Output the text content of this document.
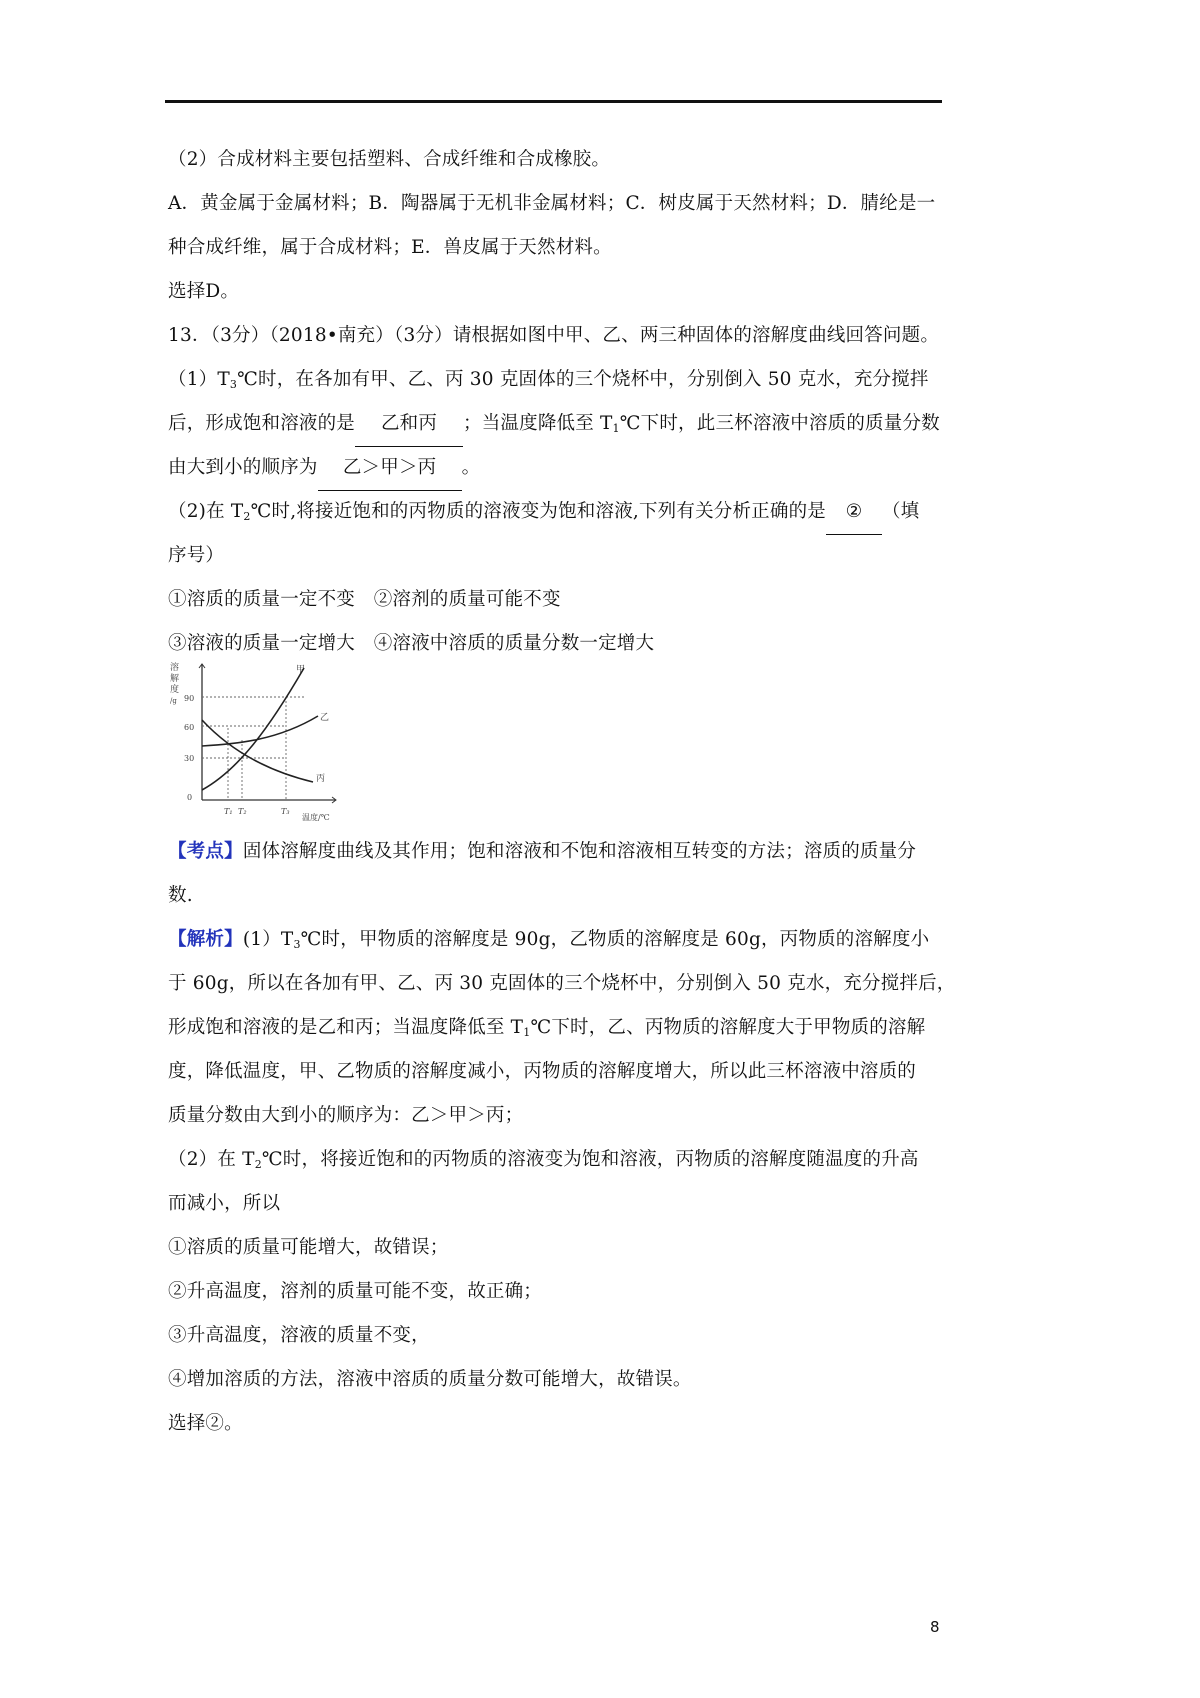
（2）合成材料主要包括塑料、合成纤维和合成橡胶。
A．黄金属于金属材料；B．陶器属于无机非金属材料；C．树皮属于天然材料；D．腈纶是一
种合成纤维，属于合成材料；E．兽皮属于天然材料。
选择D。
13．（3分）（2018•南充）（3分）请根据如图中甲、乙、两三种固体的溶解度曲线回答问题。
$(1)T_3℃$时，在各加有甲、乙、丙 30 克固体的三个烧杯中，分别倒入 50 克水，充分搅拌
后，形成饱和溶液的是 乙和丙 ；当温度降低至 $T_1℃$下时，此三杯溶液中溶质的质量分数
由大到小的顺序为 乙＞甲＞丙 。
（2)在 $T_2℃$时,将接近饱和的丙物质的溶液变为饱和溶液,下列有关分析正确的是 ② （填
序号）
①溶质的质量一定不变　②溶剂的质量可能不变
③溶液的质量一定增大　④溶液中溶质的质量分数一定增大
溶
解
度
/g 90
60
30
0
T₁ T₂	T₃
温度/℃
甲
乙
丙
【考点】固体溶解度曲线及其作用；饱和溶液和不饱和溶液相互转变的方法；溶质的质量分
数.
【解析】$(1)T_3℃$时，甲物质的溶解度是 90g，乙物质的溶解度是 60g，丙物质的溶解度小
于 60g，所以在各加有甲、乙、丙 30 克固体的三个烧杯中，分别倒入 50 克水，充分搅拌后，
形成饱和溶液的是乙和丙；当温度降低至 $T_1℃$下时，乙、丙物质的溶解度大于甲物质的溶解
度，降低温度，甲、乙物质的溶解度减小，丙物质的溶解度增大，所以此三杯溶液中溶质的
质量分数由大到小的顺序为：乙＞甲＞丙；
（2）在 $T_2℃$时，将接近饱和的丙物质的溶液变为饱和溶液，丙物质的溶解度随温度的升高
而减小，所以
①溶质的质量可能增大，故错误；
②升高温度，溶剂的质量可能不变，故正确；
③升高温度，溶液的质量不变，
④增加溶质的方法，溶液中溶质的质量分数可能增大，故错误。
选择②。
8
